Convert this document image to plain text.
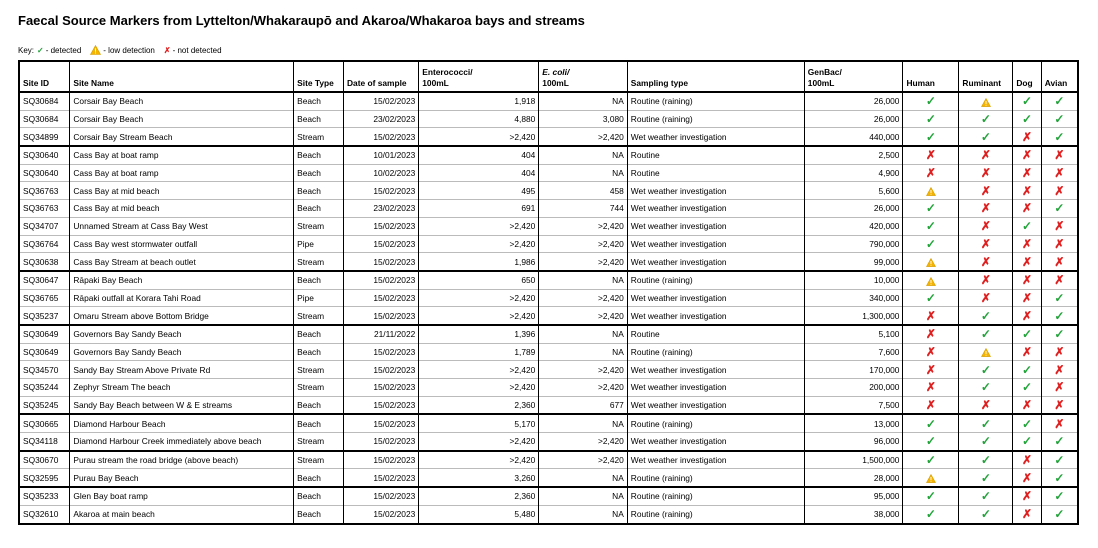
Faecal Source Markers from Lyttelton/Whakaraupō and Akaroa/Whakaroa bays and streams
Key: ✓ - detected	- low detection ✗ - not detected
Site ID	Site Name	Site Type	Date of sample	Enterococci/
100mL	E. coli/
100mL	Sampling type	GenBac/
100mL	Human	Ruminant	Dog	Avian
SQ30684	Corsair Bay Beach	Beach	15/02/2023	1,918	NA	Routine (raining)	26,000	✓		✓	✓
SQ30684	Corsair Bay Beach	Beach	23/02/2023	4,880	3,080	Routine (raining)	26,000	✓	✓	✓	✓
SQ34899	Corsair Bay Stream Beach	Stream	15/02/2023	>2,420	>2,420	Wet weather investigation	440,000	✓	✓	✗	✓
SQ30640	Cass Bay at boat ramp	Beach	10/01/2023	404	NA	Routine	2,500	✗	✗	✗	✗
SQ30640	Cass Bay at boat ramp	Beach	10/02/2023	404	NA	Routine	4,900	✗	✗	✗	✗
SQ36763	Cass Bay at mid beach	Beach	15/02/2023	495	458	Wet weather investigation	5,600		✗	✗	✗
SQ36763	Cass Bay at mid beach	Beach	23/02/2023	691	744	Wet weather investigation	26,000	✓	✗	✗	✓
SQ34707	Unnamed Stream at Cass Bay West	Stream	15/02/2023	>2,420	>2,420	Wet weather investigation	420,000	✓	✗	✓	✗
SQ36764	Cass Bay west stormwater outfall	Pipe	15/02/2023	>2,420	>2,420	Wet weather investigation	790,000	✓	✗	✗	✗
SQ30638	Cass Bay Stream at beach outlet	Stream	15/02/2023	1,986	>2,420	Wet weather investigation	99,000		✗	✗	✗
SQ30647	Rāpaki Bay Beach	Beach	15/02/2023	650	NA	Routine (raining)	10,000		✗	✗	✗
SQ36765	Rāpaki outfall at Korara Tahi Road	Pipe	15/02/2023	>2,420	>2,420	Wet weather investigation	340,000	✓	✗	✗	✓
SQ35237	Omaru Stream above Bottom Bridge	Stream	15/02/2023	>2,420	>2,420	Wet weather investigation	1,300,000	✗	✓	✗	✓
SQ30649	Governors Bay Sandy Beach	Beach	21/11/2022	1,396	NA	Routine	5,100	✗	✓	✓	✓
SQ30649	Governors Bay Sandy Beach	Beach	15/02/2023	1,789	NA	Routine (raining)	7,600	✗		✗	✗
SQ34570	Sandy Bay Stream Above Private Rd	Stream	15/02/2023	>2,420	>2,420	Wet weather investigation	170,000	✗	✓	✓	✗
SQ35244	Zephyr Stream The beach	Stream	15/02/2023	>2,420	>2,420	Wet weather investigation	200,000	✗	✓	✓	✗
SQ35245	Sandy Bay Beach between W & E streams	Beach	15/02/2023	2,360	677	Wet weather investigation	7,500	✗	✗	✗	✗
SQ30665	Diamond Harbour Beach	Beach	15/02/2023	5,170	NA	Routine (raining)	13,000	✓	✓	✓	✗
SQ34118	Diamond Harbour Creek immediately above beach	Stream	15/02/2023	>2,420	>2,420	Wet weather investigation	96,000	✓	✓	✓	✓
SQ30670	Purau stream the road bridge (above beach)	Stream	15/02/2023	>2,420	>2,420	Wet weather investigation	1,500,000	✓	✓	✗	✓
SQ32595	Purau Bay Beach	Beach	15/02/2023	3,260	NA	Routine (raining)	28,000		✓	✗	✓
SQ35233	Glen Bay boat ramp	Beach	15/02/2023	2,360	NA	Routine (raining)	95,000	✓	✓	✗	✓
SQ32610	Akaroa at main beach	Beach	15/02/2023	5,480	NA	Routine (raining)	38,000	✓	✓	✗	✓
